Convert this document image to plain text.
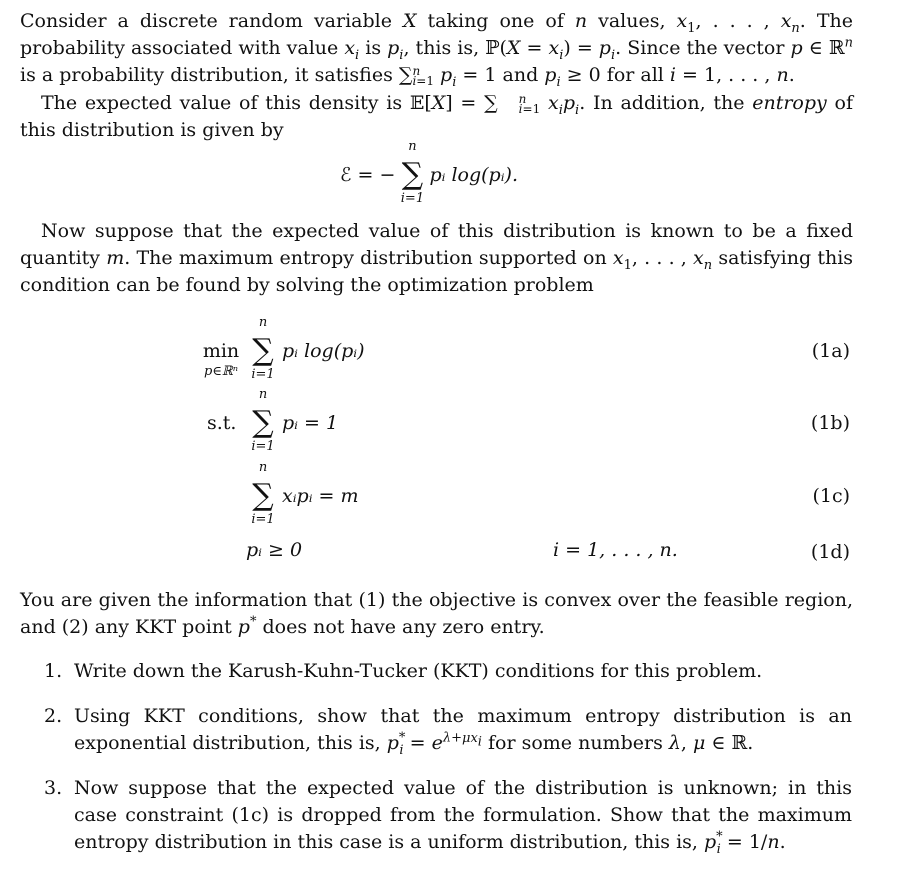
Consider a discrete random variable X taking one of n values, $x_1$, . . . , $x_n$. The probability associated with value $x_i$ is $p_i$, this is, ℙ(X = $x_i) = p_i$. Since the vector p ∈ ℝ$^n$ is a probability distribution, it satisfies ∑ n
i=1 $p_i = 1$ and $p_i \ge 0$ for all i = 1, . . . , n.

The expected value of this density is 𝔼[X] = ∑	n
i=1 $x_ip_i$. In addition, the entropy of this distribution is given by

ℰ = −
n
∑
i=1
pᵢ log(pᵢ).

Now suppose that the expected value of this distribution is known to be a fixed quantity m. The maximum entropy distribution supported on $x_1$, . . . , $x_n$ satisfying this condition can be found by solving the optimization problem

min
p∈ℝⁿ
n
∑
i=1
pᵢ log(pᵢ)	(1a)
s.t.
n
∑
i=1
pᵢ = 1	(1b)
n
∑
i=1
xᵢpᵢ = m	(1c)
pᵢ ≥ 0	i = 1, . . . , n.	(1d)

You are given the information that (1) the objective is convex over the feasible region, and (2) any KKT point p* does not have any zero entry.

1. Write down the Karush-Kuhn-Tucker (KKT) conditions for this problem.
2. Using KKT conditions, show that the maximum entropy distribution is an exponential distribution, this is, $p^*_i = e^{\lambda+\mu x_i}$ for some numbers λ, μ ∈ ℝ.
3. Now suppose that the expected value of the distribution is unknown; in this case constraint (1c) is dropped from the formulation. Show that the maximum entropy distribution in this case is a uniform distribution, this is, $p^*_i = 1/n$.
